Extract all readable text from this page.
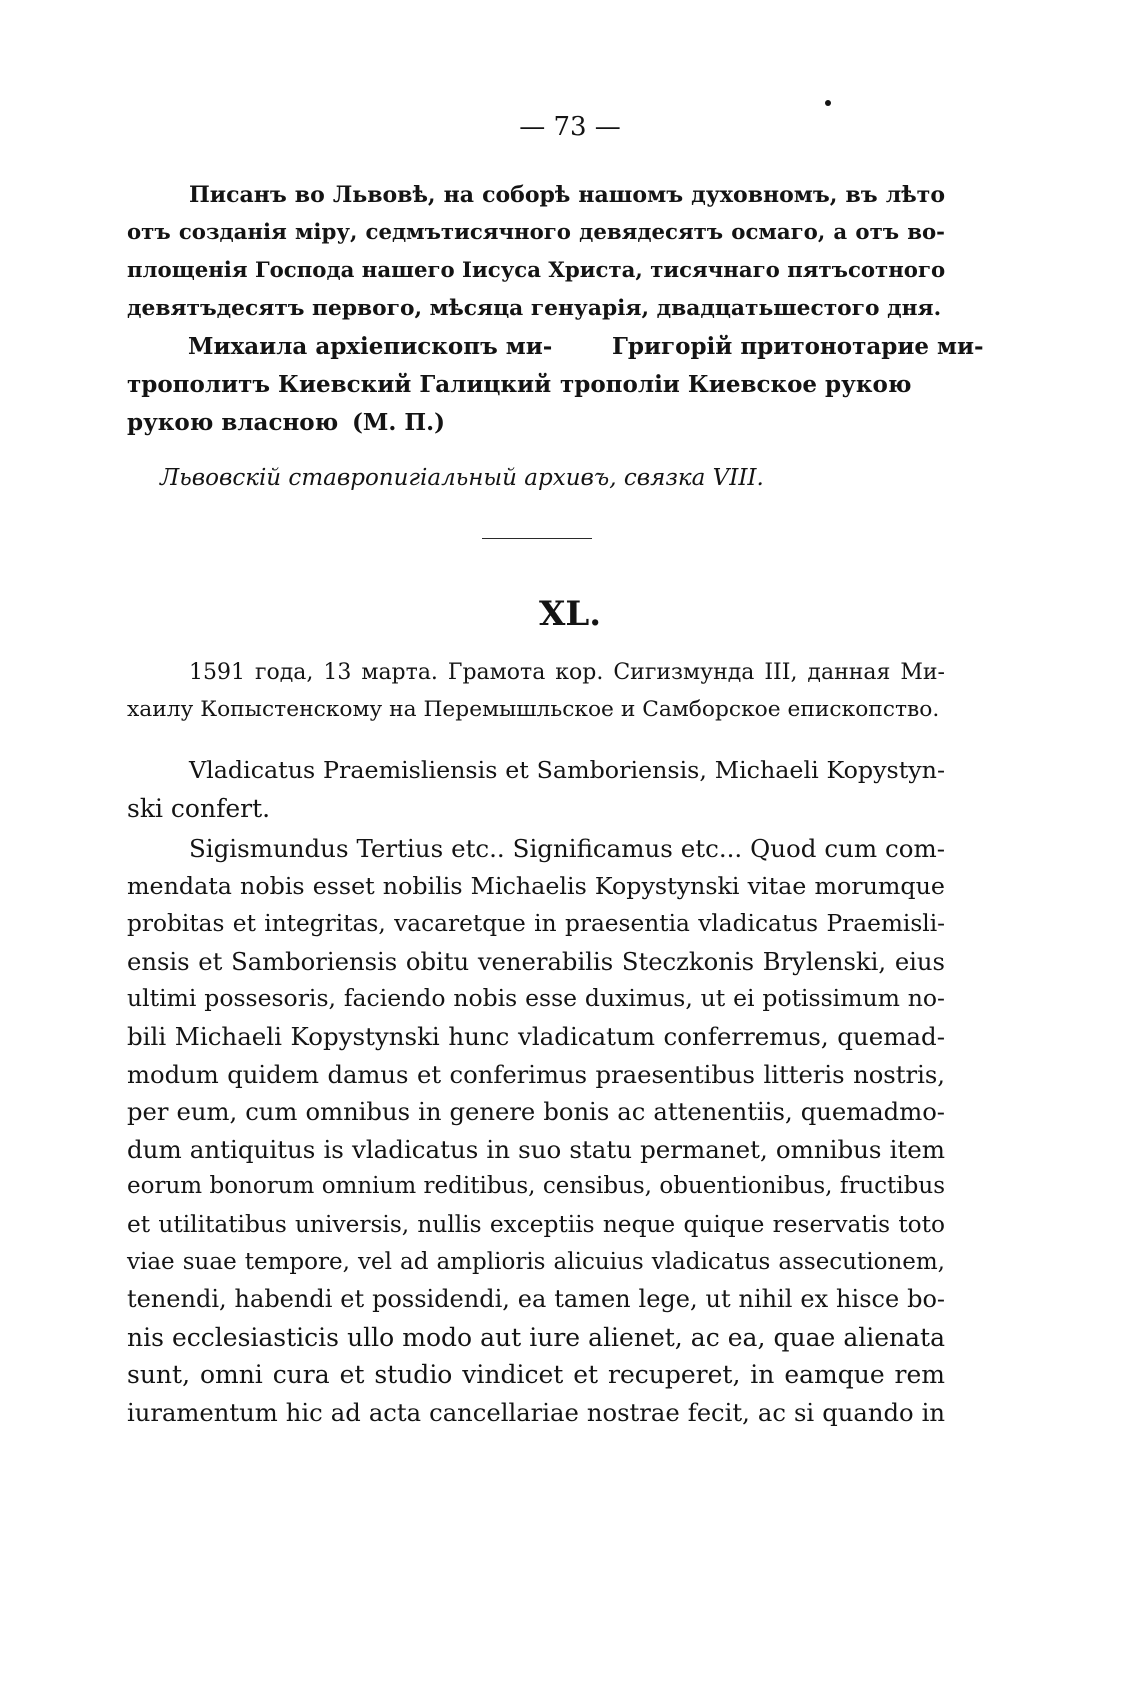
— 73 —
Писанъ во Львовѣ, на соборѣ нашомъ духовномъ, въ лѣто
отъ созданія міру, седмътисячного девядесятъ осмаго, а отъ во-
площенія Господа нашего Іисуса Христа, тисячнаго пятъсотного
девятъдесятъ первого, мѣсяца генуарія, двадцатьшестого дня.
Михаила архіепископъ ми-
трополитъ Киевский Галицкий
рукою власною (М. П.)
Григорій притонотарие ми-
трополіи Киевское рукою
Львовскій ставропигіальный архивъ, связка VIII.
XL.
1591 года, 13 марта. Грамота кор. Сигизмунда III, данная Ми-
хаилу Копыстенскому на Перемышльское и Самборское епископство.
Vladicatus Praemisliensis et Samboriensis, Michaeli Kopystyn-
ski confert.
Sigismundus Tertius etc.. Significamus etc... Quod cum com-
mendata nobis esset nobilis Michaelis Kopystynski vitae morumque
probitas et integritas, vacaretque in praesentia vladicatus Praemisli-
ensis et Samboriensis obitu venerabilis Steczkonis Brylenski, eius
ultimi possesoris, faciendo nobis esse duximus, ut ei potissimum no-
bili Michaeli Kopystynski hunc vladicatum conferremus, quemad-
modum quidem damus et conferimus praesentibus litteris nostris,
per eum, cum omnibus in genere bonis ac attenentiis, quemadmo-
dum antiquitus is vladicatus in suo statu permanet, omnibus item
eorum bonorum omnium reditibus, censibus, obuentionibus, fructibus
et utilitatibus universis, nullis exceptiis neque quique reservatis toto
viae suae tempore, vel ad amplioris alicuius vladicatus assecutionem,
tenendi, habendi et possidendi, ea tamen lege, ut nihil ex hisce bo-
nis ecclesiasticis ullo modo aut iure alienet, ac ea, quae alienata
sunt, omni cura et studio vindicet et recuperet, in eamque rem
iuramentum hic ad acta cancellariae nostrae fecit, ac si quando in
